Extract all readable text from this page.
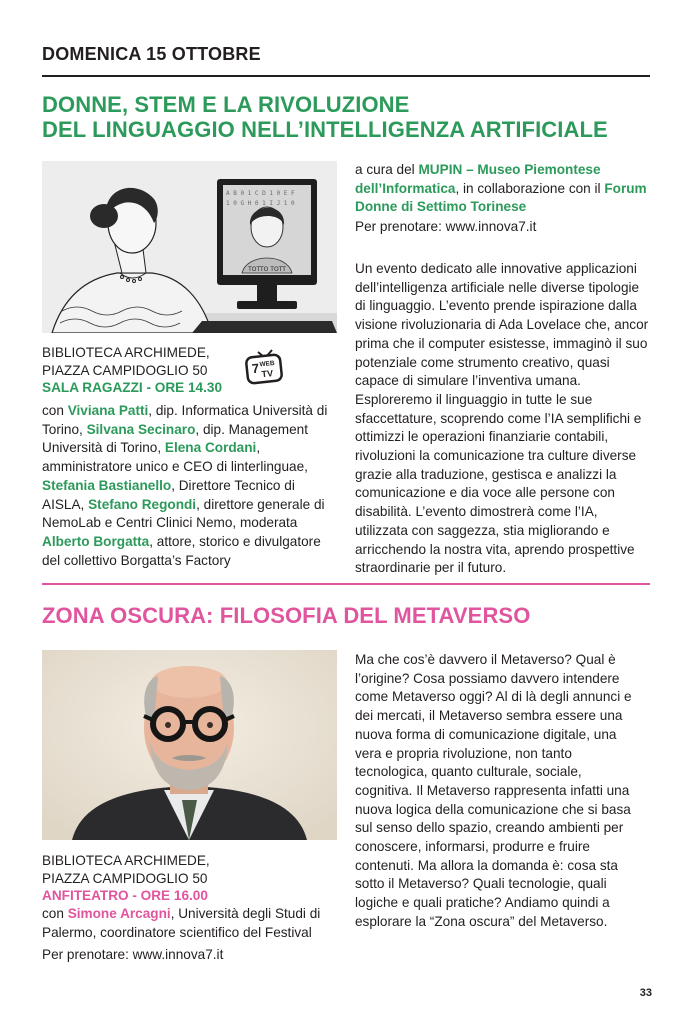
DOMENICA 15 OTTOBRE
DONNE, STEM E LA RIVOLUZIONE
DEL LINGUAGGIO NELL’INTELLIGENZA ARTIFICIALE
A B 0 1 C D 1 0 E F
1 0 G H 0 1 I J 1 0
TOTTO TOTT
BIBLIOTECA ARCHIMEDE,
PIAZZA CAMPIDOGLIO 50
SALA RAGAZZI - ORE 14.30
7 WEB
TV
con Viviana Patti, dip. Informatica Università di Torino, Silvana Secinaro, dip. Management Università di Torino, Elena Cordani, amministratore unico e CEO di linterlinguae, Stefania Bastianello, Direttore Tecnico di AISLA, Stefano Regondi, direttore generale di NemoLab e Centri Clinici Nemo, moderata Alberto Borgatta, attore, storico e divulgatore del collettivo Borgatta’s Factory
a cura del MUPIN – Museo Piemontese dell’Informatica, in collaborazione con il Forum Donne di Settimo Torinese
Per prenotare: www.innova7.it

Un evento dedicato alle innovative applicazioni dell’intelligenza artificiale nelle diverse tipologie di linguaggio. L’evento prende ispirazione dalla visione rivoluzionaria di Ada Lovelace che, ancor prima che il computer esistesse, immaginò il suo potenziale come strumento creativo, quasi capace di simulare l’inventiva umana. Esploreremo il linguaggio in tutte le sue sfaccettature, scoprendo come l’IA semplifichi e ottimizzi le operazioni finanziarie contabili, rivoluzioni la comunicazione tra culture diverse grazie alla traduzione, gestisca e analizzi la comunicazione e dia voce alle persone con disabilità. L’evento dimostrerà come l’IA, utilizzata con saggezza, stia migliorando e arricchendo la nostra vita, aprendo prospettive straordinarie per il futuro.

ZONA OSCURA: FILOSOFIA DEL METAVERSO
BIBLIOTECA ARCHIMEDE,
PIAZZA CAMPIDOGLIO 50
ANFITEATRO - ORE 16.00
con Simone Arcagni, Università degli Studi di Palermo, coordinatore scientifico del Festival
Per prenotare: www.innova7.it

Ma che cos’è davvero il Metaverso? Qual è l’origine? Cosa possiamo davvero intendere come Metaverso oggi? Al di là degli annunci e dei mercati, il Metaverso sembra essere una nuova forma di comunicazione digitale, una vera e propria rivoluzione, non tanto tecnologica, quanto culturale, sociale, cognitiva. Il Metaverso rappresenta infatti una nuova logica della comunicazione che si basa sul senso dello spazio, creando ambienti per conoscere, informarsi, produrre e fruire contenuti. Ma allora la domanda è: cosa sta sotto il Metaverso? Quali tecnologie, quali logiche e quali pratiche? Andiamo quindi a esplorare la “Zona oscura” del Metaverso.

33
